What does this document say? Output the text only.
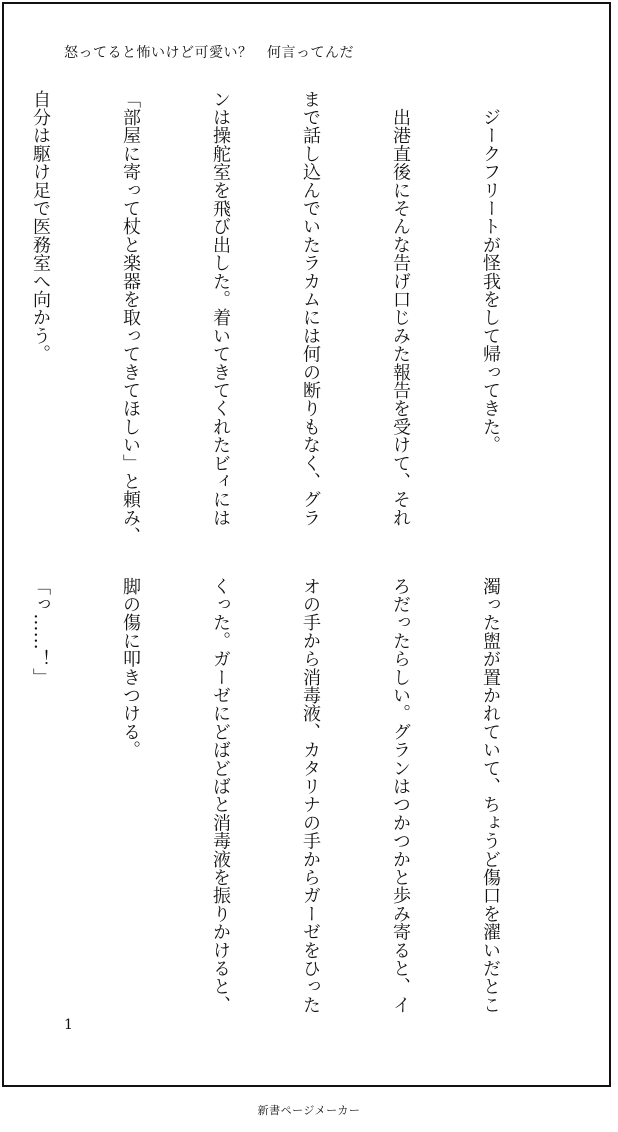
怒ってると怖いけど可愛い？　何言ってんだ

　ジークフリートが怪我をして帰ってきた。

　出港直後にそんな告げ口じみた報告を受けて、それ

まで話し込んでいたラカムには何の断りもなく、グラ

ンは操舵室を飛び出した。着いてきてくれたビィには

「部屋に寄って杖と楽器を取ってきてほしい」と頼み、

自分は駆け足で医務室へ向かう。

濁った盥が置かれていて、ちょうど傷口を濯いだとこ

ろだったらしい。グランはつかつかと歩み寄ると、イ

オの手から消毒液、カタリナの手からガーゼをひった

くった。ガーゼにどばどばと消毒液を振りかけると、

脚の傷に叩きつける。

「っ……！」

1
新書ページメーカー
